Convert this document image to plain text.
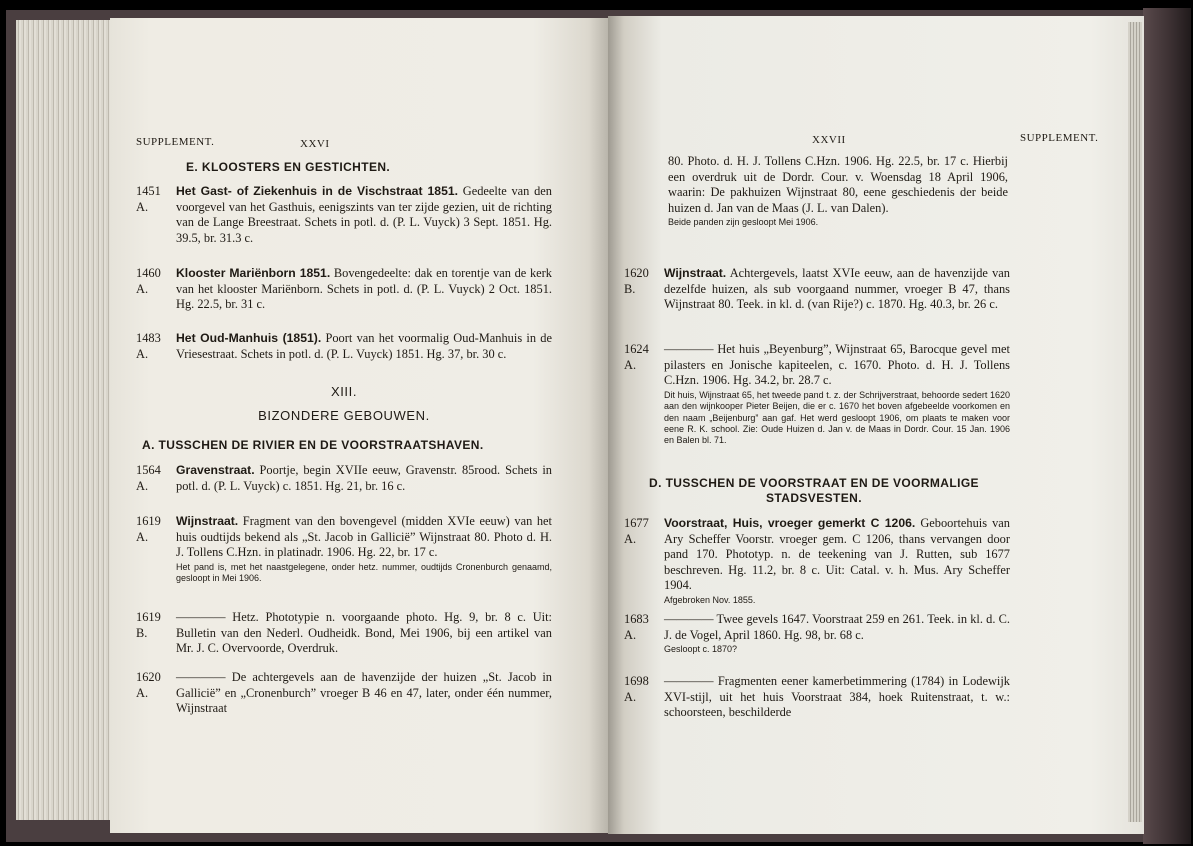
SUPPLEMENT.	XXVI
E. KLOOSTERS EN GESTICHTEN.
1451 A.
Het Gast- of Ziekenhuis in de Vischstraat 1851. Gedeelte van den voorgevel van het Gasthuis, eenigszints van ter zijde gezien, uit de richting van de Lange Breestraat. Schets in potl. d. (P. L. Vuyck) 3 Sept. 1851. Hg. 39.5, br. 31.3 c.
1460 A.
Klooster Mariënborn 1851. Bovengedeelte: dak en torentje van de kerk van het klooster Mariënborn. Schets in potl. d. (P. L. Vuyck) 2 Oct. 1851. Hg. 22.5, br. 31 c.
1483 A.
Het Oud-Manhuis (1851). Poort van het voormalig Oud-Manhuis in de Vriesestraat. Schets in potl. d. (P. L. Vuyck) 1851. Hg. 37, br. 30 c.
XIII.
BIZONDERE GEBOUWEN.
A. TUSSCHEN DE RIVIER EN DE VOORSTRAATSHAVEN.
1564 A.
Gravenstraat. Poortje, begin XVIIe eeuw, Gravenstr. 85rood. Schets in potl. d. (P. L. Vuyck) c. 1851. Hg. 21, br. 16 c.
1619 A.
Wijnstraat. Fragment van den bovengevel (midden XVIe eeuw) van het huis oudtijds bekend als „St. Jacob in Gallicië” Wijnstraat 80. Photo d. H. J. Tollens C.Hzn. in platinadr. 1906. Hg. 22, br. 17 c.
Het pand is, met het naastgelegene, onder hetz. nummer, oudtijds Cronenburch genaamd, gesloopt in Mei 1906.
1619 B.
———— Hetz. Phototypie n. voorgaande photo. Hg. 9, br. 8 c. Uit: Bulletin van den Nederl. Oudheidk. Bond, Mei 1906, bij een artikel van Mr. J. C. Overvoorde, Overdruk.
1620 A.
———— De achtergevels aan de havenzijde der huizen „St. Jacob in Gallicië” en „Cronenburch” vroeger B 46 en 47, later, onder één nummer, Wijnstraat
XXVII	SUPPLEMENT.
80. Photo. d. H. J. Tollens C.Hzn. 1906. Hg. 22.5, br. 17 c. Hierbij een overdruk uit de Dordr. Cour. v. Woensdag 18 April 1906, waarin: De pakhuizen Wijnstraat 80, eene geschiedenis der beide huizen d. Jan van de Maas (J. L. van Dalen).
Beide panden zijn gesloopt Mei 1906.
1620 B.
Wijnstraat. Achtergevels, laatst XVIe eeuw, aan de havenzijde van dezelfde huizen, als sub voorgaand nummer, vroeger B 47, thans Wijnstraat 80. Teek. in kl. d. (van Rije?) c. 1870. Hg. 40.3, br. 26 c.
1624 A.
———— Het huis „Beyenburg”, Wijnstraat 65, Barocque gevel met pilasters en Jonische kapiteelen, c. 1670. Photo. d. H. J. Tollens C.Hzn. 1906. Hg. 34.2, br. 28.7 c.
Dit huis, Wijnstraat 65, het tweede pand t. z. der Schrijverstraat, behoorde sedert 1620 aan den wijnkooper Pieter Beijen, die er c. 1670 het boven afgebeelde voorkomen en den naam „Beijenburg” aan gaf. Het werd gesloopt 1906, om plaats te maken voor eene R. K. school. Zie: Oude Huizen d. Jan v. de Maas in Dordr. Cour. 15 Jan. 1906 en Balen bl. 71.
D. TUSSCHEN DE VOORSTRAAT EN DE VOORMALIGE STADSVESTEN.
1677 A.
Voorstraat, Huis, vroeger gemerkt C 1206. Geboortehuis van Ary Scheffer Voorstr. vroeger gem. C 1206, thans vervangen door pand 170. Phototyp. n. de teekening van J. Rutten, sub 1677 beschreven. Hg. 11.2, br. 8 c. Uit: Catal. v. h. Mus. Ary Scheffer 1904.
Afgebroken Nov. 1855.
1683 A.
———— Twee gevels 1647. Voorstraat 259 en 261. Teek. in kl. d. C. J. de Vogel, April 1860. Hg. 98, br. 68 c.
Gesloopt c. 1870?
1698 A.
———— Fragmenten eener kamerbetimmering (1784) in Lodewijk XVI-stijl, uit het huis Voorstraat 384, hoek Ruitenstraat, t. w.: schoorsteen, beschilderde
